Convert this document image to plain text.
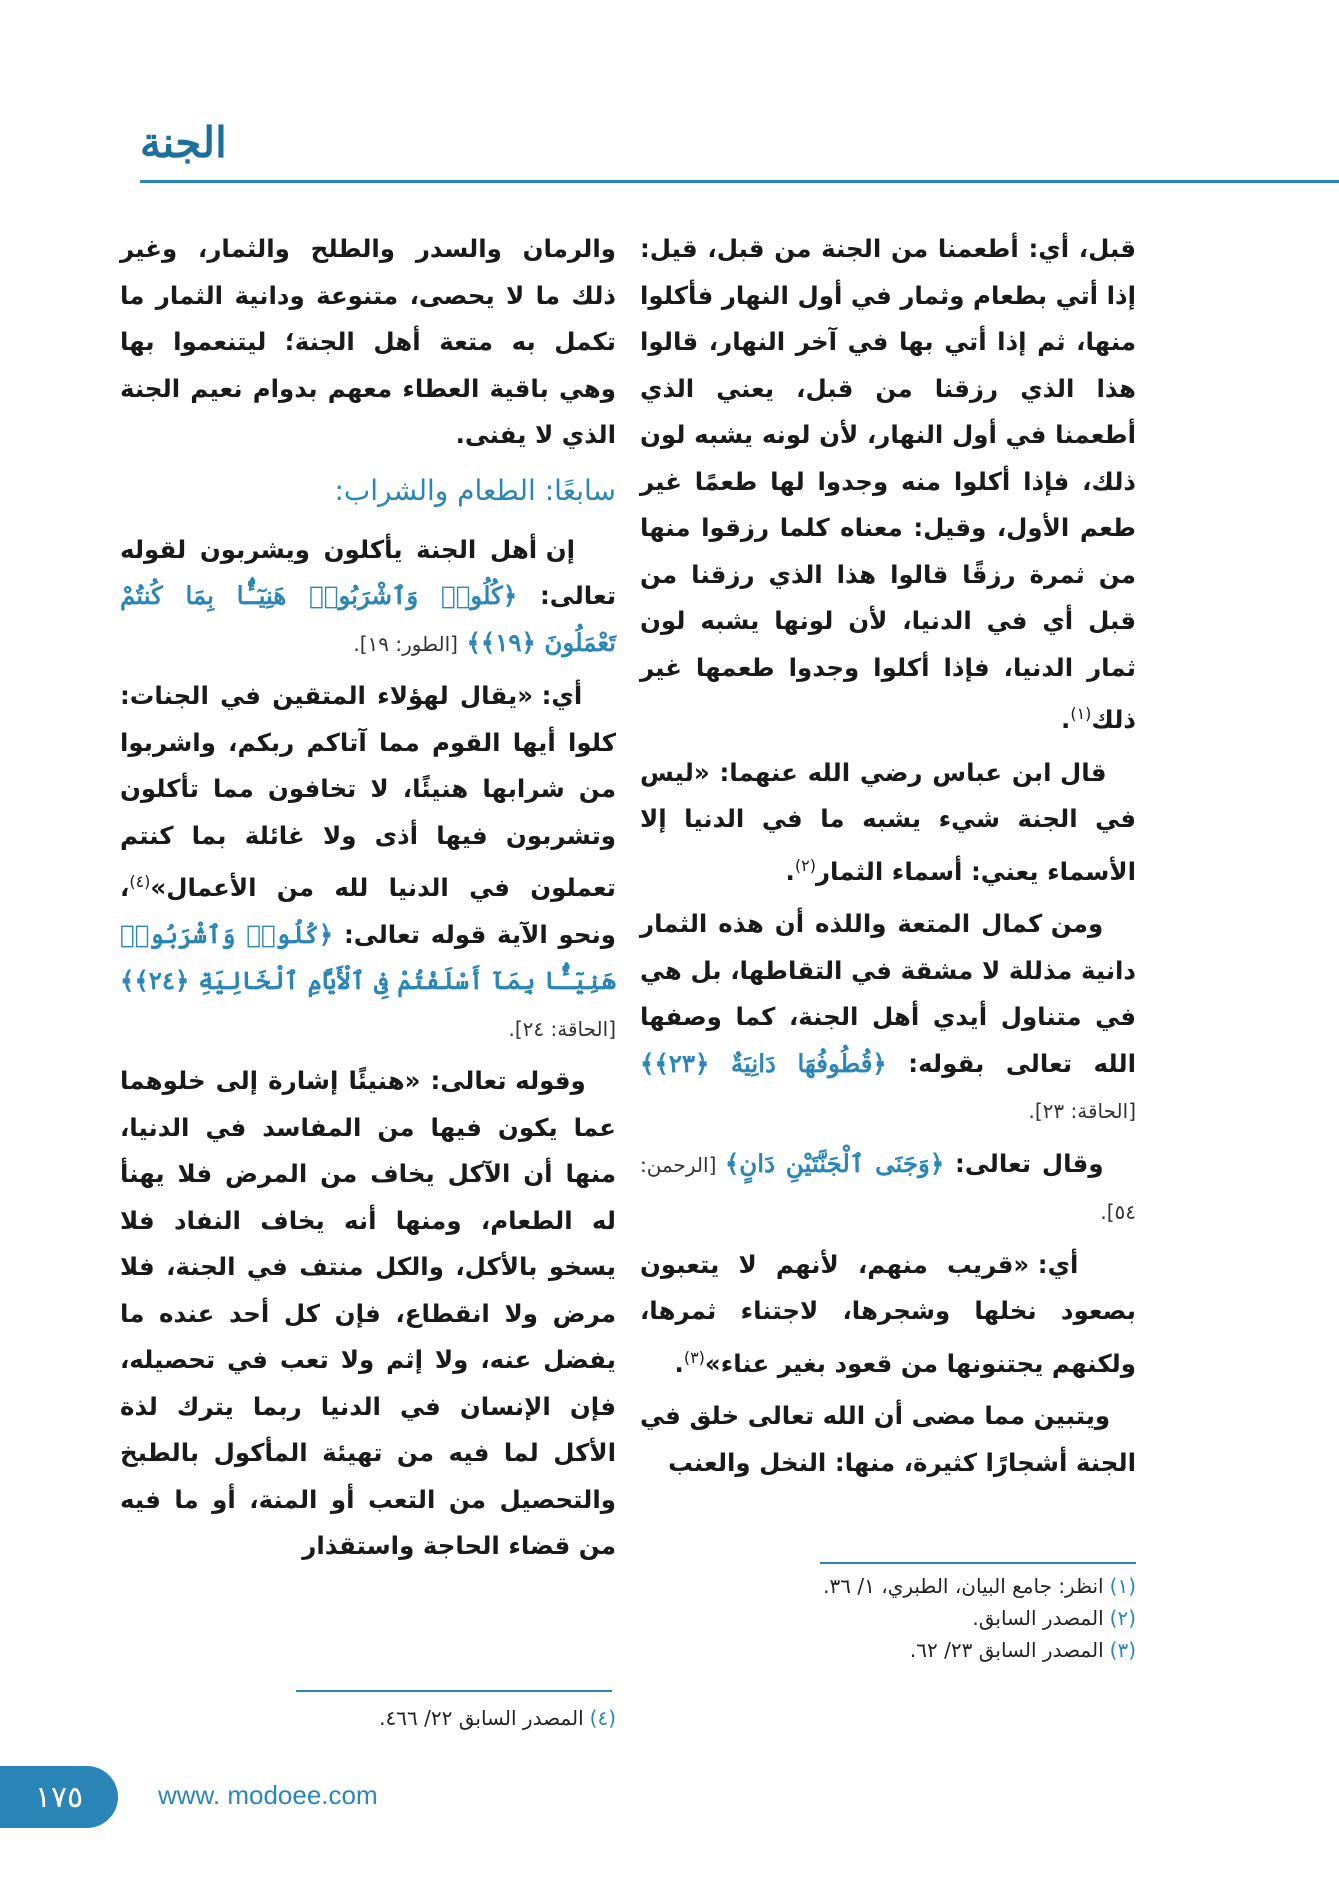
الجنة

قبل، أي: أطعمنا من الجنة من قبل، قيل: إذا أتي بطعام وثمار في أول النهار فأكلوا منها، ثم إذا أتي بها في آخر النهار، قالوا هذا الذي رزقنا من قبل، يعني الذي أطعمنا في أول النهار، لأن لونه يشبه لون ذلك، فإذا أكلوا منه وجدوا لها طعمًا غير طعم الأول، وقيل: معناه كلما رزقوا منها من ثمرة رزقًا قالوا هذا الذي رزقنا من قبل أي في الدنيا، لأن لونها يشبه لون ثمار الدنيا، فإذا أكلوا وجدوا طعمها غير ذلك$^{(١)}$.

قال ابن عباس رضي الله عنهما: «ليس في الجنة شيء يشبه ما في الدنيا إلا الأسماء يعني: أسماء الثمار$^{(٢)}$.

ومن كمال المتعة واللذه أن هذه الثمار دانية مذللة لا مشقة في التقاطها، بل هي في متناول أيدي أهل الجنة، كما وصفها الله تعالى بقوله: ﴿قُطُوفُهَا دَانِيَةٌ ﴿٢٣﴾﴾ [الحاقة: ٢٣].

وقال تعالى: ﴿وَجَنَى ٱلْجَنَّتَيْنِ دَانٍ﴾ [الرحمن: ٥٤].

أي: «قريب منهم، لأنهم لا يتعبون بصعود نخلها وشجرها، لاجتناء ثمرها، ولكنهم يجتنونها من قعود بغير عناء»$^{(٣)}$.

ويتبين مما مضى أن الله تعالى خلق في الجنة أشجارًا كثيرة، منها: النخل والعنب

والرمان والسدر والطلح والثمار، وغير ذلك ما لا يحصى، متنوعة ودانية الثمار ما تكمل به متعة أهل الجنة؛ ليتنعموا بها وهي باقية العطاء معهم بدوام نعيم الجنة الذي لا يفنى.

سابعًا: الطعام والشراب:

إن أهل الجنة يأكلون ويشربون لقوله تعالى: ﴿كُلُوا۟ وَٱشْرَبُوا۟ هَنِيٓـًٔۢا بِمَا كُنتُمْ تَعْمَلُونَ ﴿١٩﴾﴾ [الطور: ١٩].

أي: «يقال لهؤلاء المتقين في الجنات: كلوا أيها القوم مما آتاكم ربكم، واشربوا من شرابها هنيئًا، لا تخافون مما تأكلون وتشربون فيها أذى ولا غائلة بما كنتم تعملون في الدنيا لله من الأعمال»$^{(٤)}$، ونحو الآية قوله تعالى: ﴿كُلُوا۟ وَٱشْرَبُوا۟ هَنِيٓـًٔۢا بِمَآ أَسْلَفْتُمْ فِى ٱلْأَيَّامِ ٱلْخَالِيَةِ ﴿٢٤﴾﴾ [الحاقة: ٢٤].

وقوله تعالى: «هنيئًا إشارة إلى خلوهما عما يكون فيها من المفاسد في الدنيا، منها أن الآكل يخاف من المرض فلا يهنأ له الطعام، ومنها أنه يخاف النفاد فلا يسخو بالأكل، والكل منتف في الجنة، فلا مرض ولا انقطاع، فإن كل أحد عنده ما يفضل عنه، ولا إثم ولا تعب في تحصيله، فإن الإنسان في الدنيا ربما يترك لذة الأكل لما فيه من تهيئة المأكول بالطبخ والتحصيل من التعب أو المنة، أو ما فيه من قضاء الحاجة واستقذار

(١)انظر: جامع البيان، الطبري، ١/ ٣٦.
(٢)المصدر السابق.
(٣)المصدر السابق ٢٣/ ٦٢.
(٤)المصدر السابق ٢٢/ ٤٦٦.
١٧٥	www. modoee.com
